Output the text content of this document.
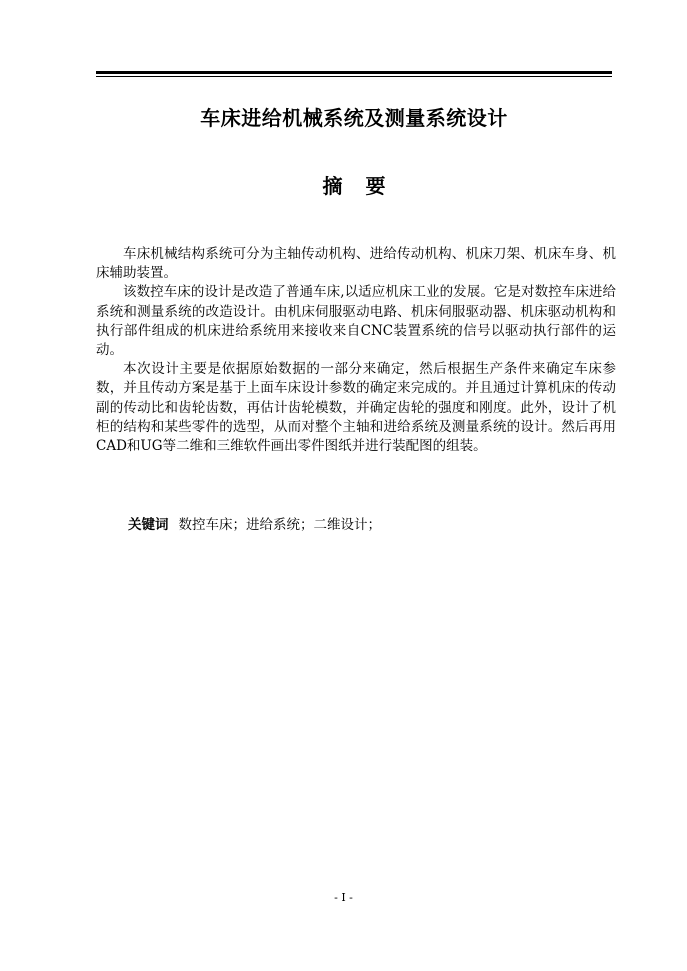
车床进给机械系统及测量系统设计
摘 要

车床机械结构系统可分为主轴传动机构、进给传动机构、机床刀架、机床车身、机床辅助装置。

该数控车床的设计是改造了普通车床,以适应机床工业的发展。它是对数控车床进给系统和测量系统的改造设计。由机床伺服驱动电路、机床伺服驱动器、机床驱动机构和执行部件组成的机床进给系统用来接收来自CNC装置系统的信号以驱动执行部件的运动。

本次设计主要是依据原始数据的一部分来确定，然后根据生产条件来确定车床参数，并且传动方案是基于上面车床设计参数的确定来完成的。并且通过计算机床的传动副的传动比和齿轮齿数，再估计齿轮模数，并确定齿轮的强度和刚度。此外，设计了机柜的结构和某些零件的选型，从而对整个主轴和进给系统及测量系统的设计。然后再用CAD和UG等二维和三维软件画出零件图纸并进行装配图的组装。

关键词 数控车床；进给系统；二维设计；
- I -
